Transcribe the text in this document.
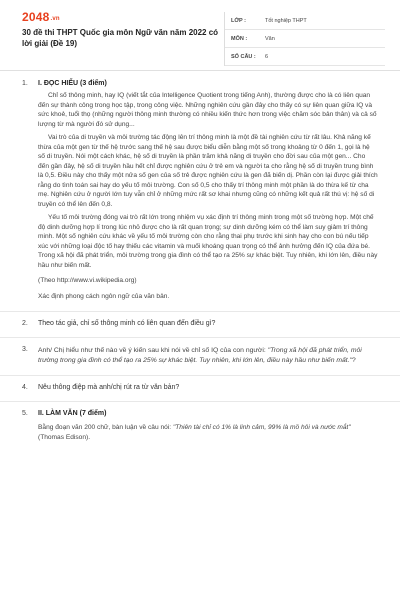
2048.vn
30 đề thi THPT Quốc gia môn Ngữ văn năm 2022 có lời giải (Đề 19)
LỚP :	Tốt nghiệp THPT
MÔN :	Văn
SỐ CÂU :	6
1. I. ĐỌC HIỂU (3 điểm)
Chỉ số thông minh, hay IQ (viết tắt của Intelligence Quotient trong tiếng Anh), thường được cho là có liên quan đến sự thành công trong học tập, trong công việc. Những nghiên cứu gần đây cho thấy có sự liên quan giữa IQ và sức khoẻ, tuổi thọ (những người thông minh thường có nhiều kiến thức hơn trong việc chăm sóc bản thân) và cả số lượng từ mà người đó sử dụng...
Vai trò của di truyền và môi trường tác động lên trí thông minh là một đề tài nghiên cứu từ rất lâu. Khả năng kế thừa của một gen từ thế hệ trước sang thế hệ sau được biểu diễn bằng một số trong khoảng từ 0 đến 1, gọi là hệ số di truyền. Nói một cách khác, hệ số di truyền là phần trăm khả năng di truyền cho đời sau của một gen... Cho đến gần đây, hệ số di truyền hầu hết chỉ được nghiên cứu ở trẻ em và người ta cho rằng hệ số di truyền trung bình là 0,5. Điều này cho thấy một nửa số gen của số trẻ được nghiên cứu là gen đã biến dị. Phần còn lại được giải thích rằng do tình toán sai hay do yếu tố môi trường. Con số 0,5 cho thấy trí thông minh một phần là do thừa kế từ cha mẹ. Nghiên cứu ở người lớn tuy vẫn chỉ ở những mức rất sơ khai nhưng cũng có những kết quả rất thú vị: hệ số di truyền có thể lên đến 0,8.
Yếu tố môi trường đóng vai trò rất lớn trong nhiệm vụ xác định trí thông minh trong một số trường hợp. Một chế độ dinh dưỡng hợp lí trong lúc nhỏ được cho là rất quan trọng; sự dinh dưỡng kém có thể làm suy giảm trí thông minh. Một số nghiên cứu khác về yếu tố môi trường còn cho rằng thai phụ trước khi sinh hay cho con bú nếu tiếp xúc với những loại độc tố hay thiếu các vitamin và muối khoáng quan trọng có thể ảnh hưởng đến IQ của đứa bé. Trong xã hội đã phát triển, môi trường trong gia đình có thể tạo ra 25% sự khác biệt. Tuy nhiên, khi lớn lên, điều này hầu như biến mất.
(Theo http://www.vi.wikipedia.org)
Xác định phong cách ngôn ngữ của văn bản.
2. Theo tác giả, chỉ số thông minh có liên quan đến điều gì?
3. Anh/ Chị hiểu như thế nào về ý kiến sau khi nói về chỉ số IQ của con người: "Trong xã hội đã phát triển, môi trường trong gia đình có thể tạo ra 25% sự khác biệt. Tuy nhiên, khi lớn lên, điều này hầu như biến mất."?
4. Nêu thông điệp mà anh/chị rút ra từ văn bản?
5. II. LÀM VĂN (7 điểm)
Bằng đoạn văn 200 chữ, bàn luận về câu nói: "Thiên tài chỉ có 1% là linh cảm, 99% là mồ hôi và nước mắt" (Thomas Edison).
